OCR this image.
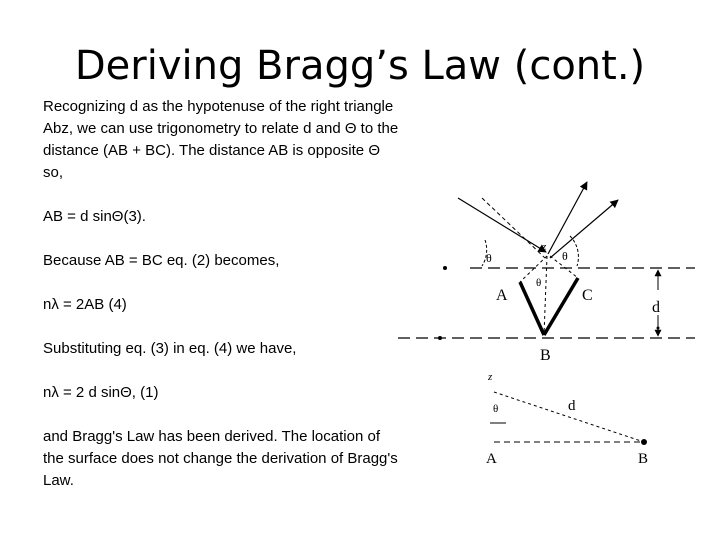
Deriving Bragg’s Law (cont.)

Recognizing d as the hypotenuse of the right triangle Abz, we can use trigonometry to relate d and Θ to the distance (AB + BC). The distance AB is opposite Θ so,

AB = d sinΘ(3).

Because AB = BC eq. (2) becomes,

nλ = 2AB (4)

Substituting eq. (3) in eq. (4) we have,

nλ = 2 d sinΘ, (1)

and Bragg's Law has been derived. The location of the surface does not change the derivation of Bragg's Law.

θ
z
θ
θ
A	C
d
B
z
θ	d
A	B
